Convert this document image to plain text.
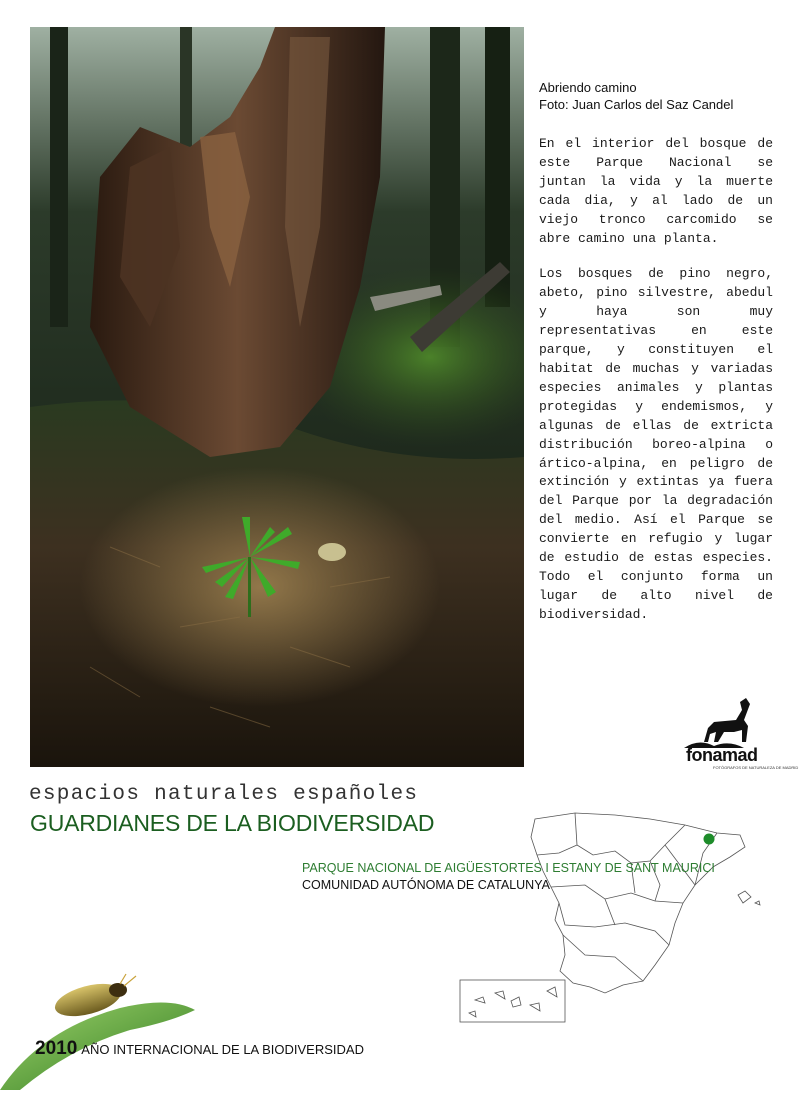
Abriendo camino
Foto: Juan Carlos del Saz Candel

En el interior del bosque de este Parque Nacional se juntan la vida y la muerte cada dia, y al lado de un viejo tronco carcomido se abre camino una planta.

Los bosques de pino negro, abeto, pino silvestre, abedul y haya son muy representativas en este parque, y constituyen el habitat de muchas y variadas especies animales y plantas protegidas y endemismos, y algunas de ellas de extricta distribución boreo-alpina o ártico-alpina, en peligro de extinción y extintas ya fuera del Parque por la degradación del medio. Así el Parque se convierte en refugio y lugar de estudio de estas especies. Todo el conjunto forma un lugar de alto nivel de biodiversidad.

fonamad
FOTÓGRAFOS DE NATURALEZA DE MADRID
espacios naturales españoles
GUARDIANES DE LA BIODIVERSIDAD
PARQUE NACIONAL DE AIGÜESTORTES I ESTANY DE SANT MAURICI
COMUNIDAD AUTÓNOMA DE CATALUNYA
2010 AÑO INTERNACIONAL DE LA BIODIVERSIDAD
